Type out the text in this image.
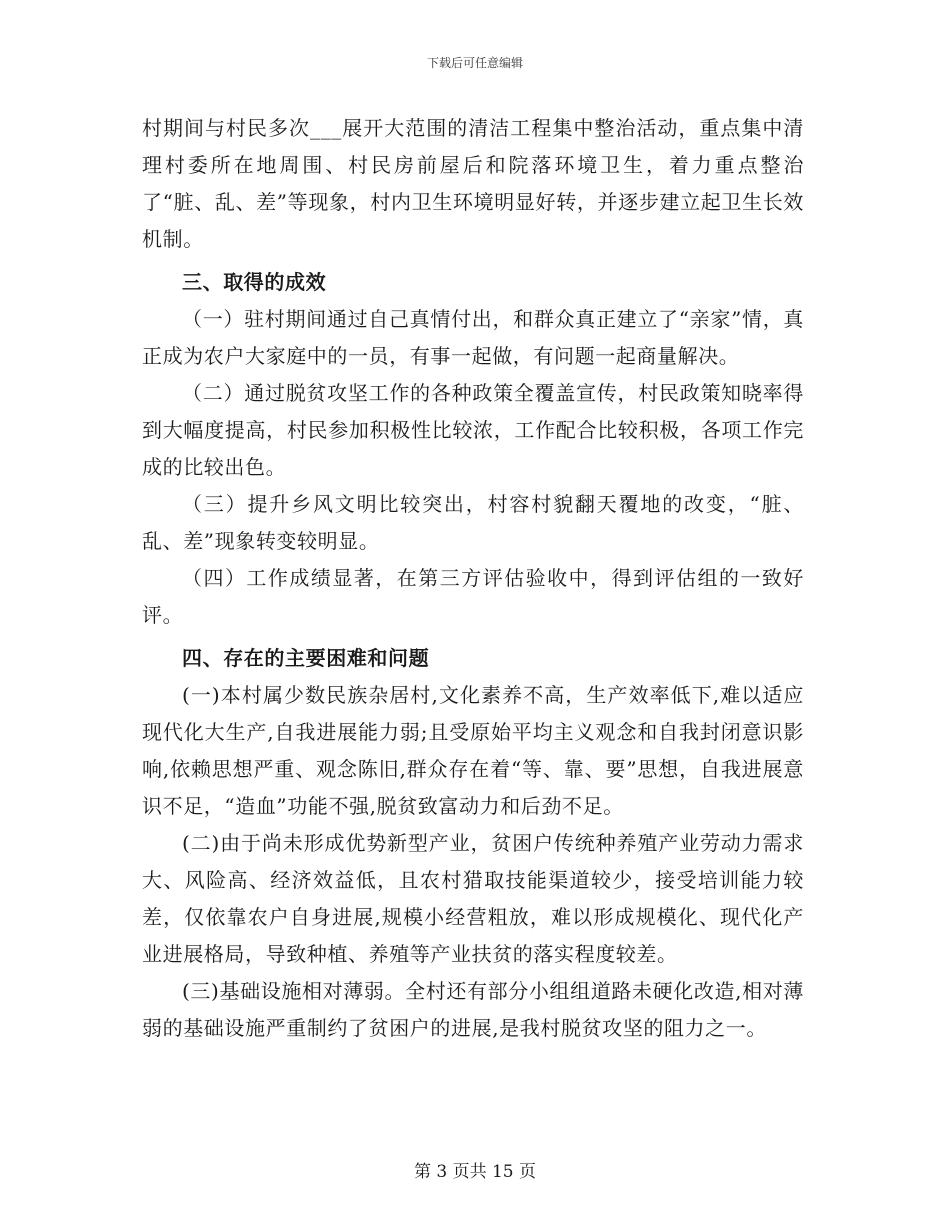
下载后可任意编辑

村期间与村民多次___展开大范围的清洁工程集中整治活动，重点集中清理村委所在地周围、村民房前屋后和院落环境卫生，着力重点整治了“脏、乱、差”等现象，村内卫生环境明显好转，并逐步建立起卫生长效机制。

三、取得的成效

（一）驻村期间通过自己真情付出，和群众真正建立了“亲家”情，真正成为农户大家庭中的一员，有事一起做，有问题一起商量解决。

（二）通过脱贫攻坚工作的各种政策全覆盖宣传，村民政策知晓率得到大幅度提高，村民参加积极性比较浓，工作配合比较积极，各项工作完成的比较出色。

（三）提升乡风文明比较突出，村容村貌翻天覆地的改变，“脏、乱、差”现象转变较明显。

（四）工作成绩显著，在第三方评估验收中，得到评估组的一致好评。

四、存在的主要困难和问题

(一)本村属少数民族杂居村,文化素养不高，生产效率低下,难以适应现代化大生产,自我进展能力弱;且受原始平均主义观念和自我封闭意识影响,依赖思想严重、观念陈旧,群众存在着“等、靠、要”思想，自我进展意识不足，“造血”功能不强,脱贫致富动力和后劲不足。

(二)由于尚未形成优势新型产业，贫困户传统种养殖产业劳动力需求大、风险高、经济效益低，且农村猎取技能渠道较少，接受培训能力较差，仅依靠农户自身进展,规模小经营粗放，难以形成规模化、现代化产业进展格局，导致种植、养殖等产业扶贫的落实程度较差。

(三)基础设施相对薄弱。全村还有部分小组组道路未硬化改造,相对薄弱的基础设施严重制约了贫困户的进展,是我村脱贫攻坚的阻力之一。

第 3 页共 15 页
